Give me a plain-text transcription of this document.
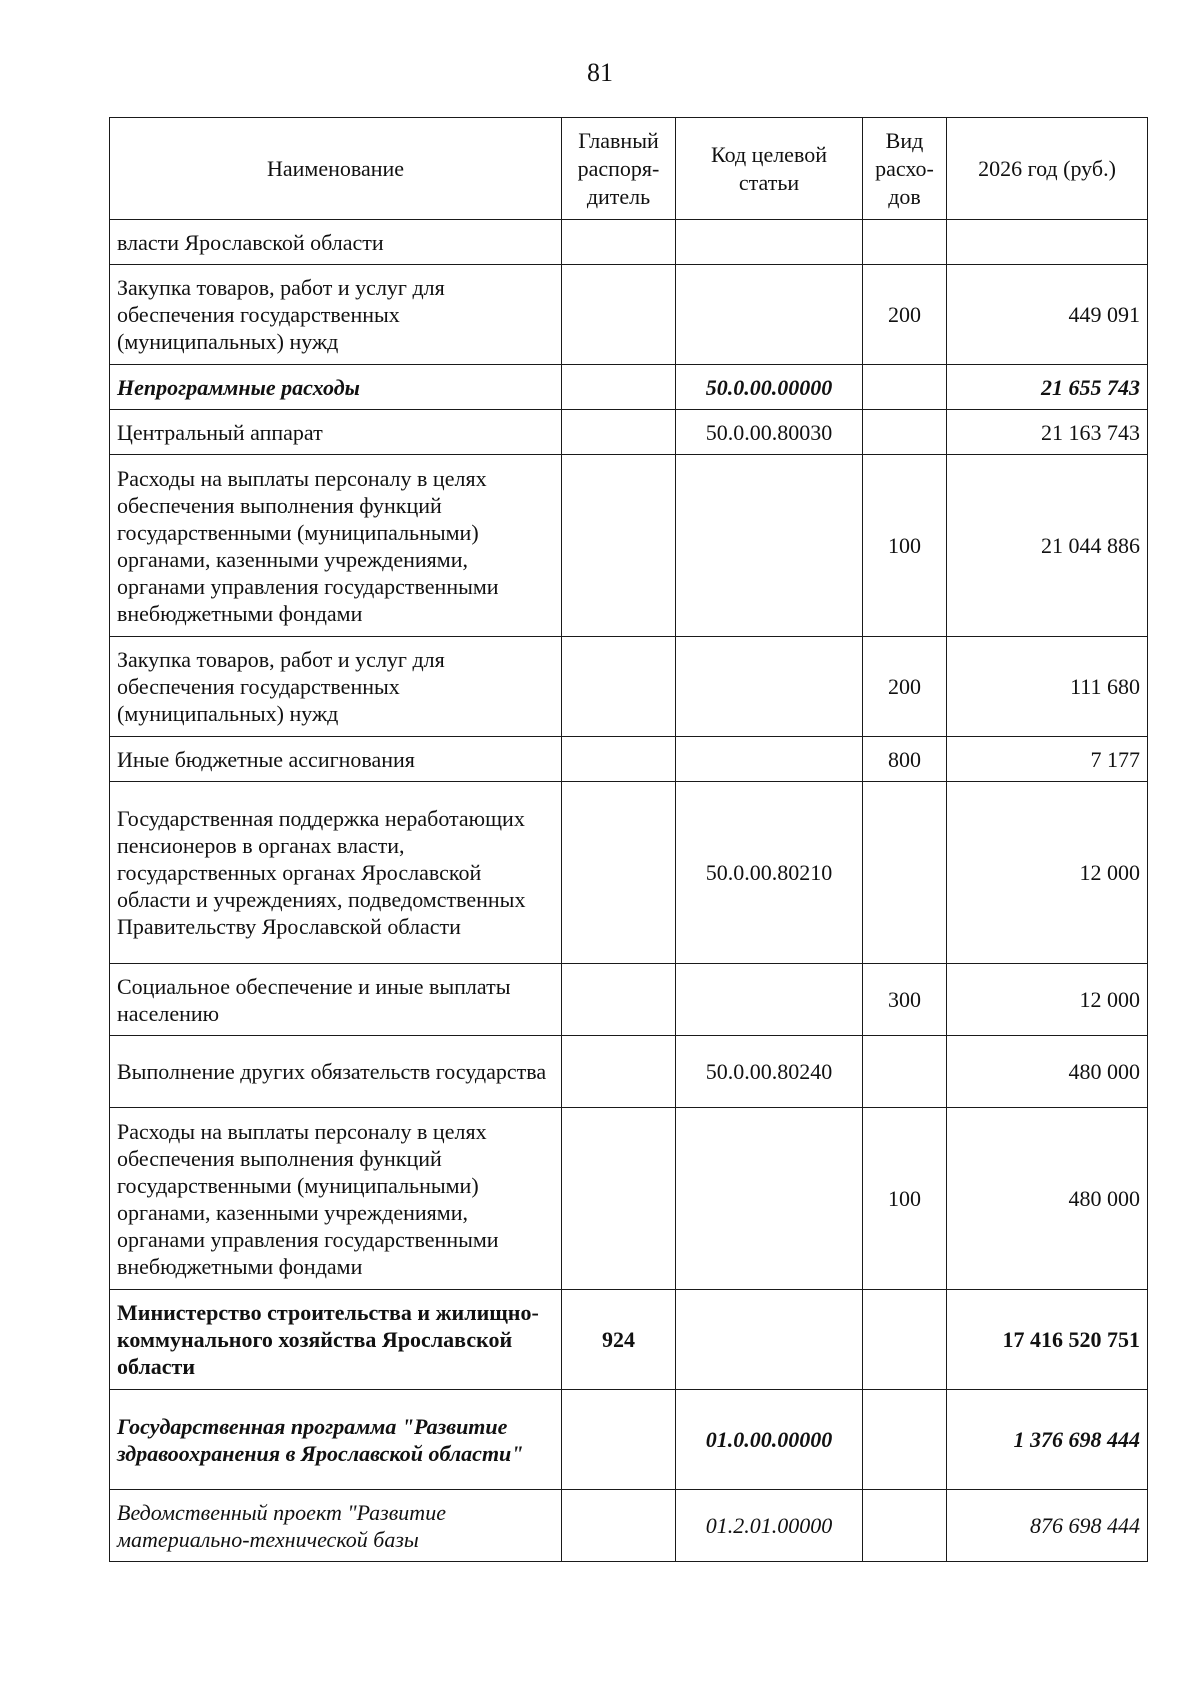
81
Наименование	Главный распоря-дитель	Код целевой статьи	Вид расхо-дов	2026 год (руб.)
власти Ярославской области				
Закупка товаров, работ и услуг для обеспечения государственных (муниципальных) нужд			200	449 091
Непрограммные расходы		50.0.00.00000		21 655 743
Центральный аппарат		50.0.00.80030		21 163 743
Расходы на выплаты персоналу в целях обеспечения выполнения функций государственными (муниципальными) органами, казенными учреждениями, органами управления государственными внебюджетными фондами			100	21 044 886
Закупка товаров, работ и услуг для обеспечения государственных (муниципальных) нужд			200	111 680
Иные бюджетные ассигнования			800	7 177
Государственная поддержка неработающих пенсионеров в органах власти, государственных органах Ярославской области и учреждениях, подведомственных Правительству Ярославской области		50.0.00.80210		12 000
Социальное обеспечение и иные выплаты населению			300	12 000
Выполнение других обязательств государства		50.0.00.80240		480 000
Расходы на выплаты персоналу в целях обеспечения выполнения функций государственными (муниципальными) органами, казенными учреждениями, органами управления государственными внебюджетными фондами			100	480 000
Министерство строительства и жилищно-коммунального хозяйства Ярославской области	924			17 416 520 751
Государственная программа "Развитие здравоохранения в Ярославской области"		01.0.00.00000		1 376 698 444
Ведомственный проект "Развитие материально-технической базы		01.2.01.00000		876 698 444
